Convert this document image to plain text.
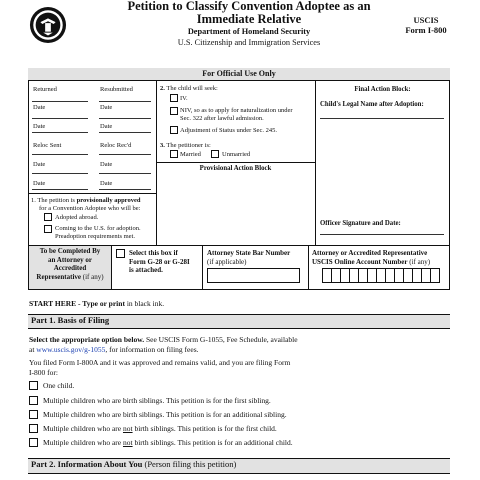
Petition to Classify Convention Adoptee as an
Immediate Relative
Department of Homeland Security
U.S. Citizenship and Immigration Services
USCIS
Form I-800
For Official Use Only
Provisional Action Block
Returned	Resubmitted
Date	Date
Date	Date
Reloc Sent	Reloc Rec'd
Date	Date
Date	Date
1. The petition is provisionally approved
for a Convention Adoptee who will be:
Adopted abroad.
Coming to the U.S. for adoption.
Preadoption requirements met.
2. The child will seek:
IV.
NIV, so as to apply for naturalization under
Sec. 322 after lawful admission.
Adjustment of Status under Sec. 245.
3. The petitioner is:
Married	Unmarried
Final Action Block:
Child's Legal Name after Adoption:
Officer Signature and Date:
To be Completed By
an Attorney or
Accredited
Representative (if any)
Select this box if
Form G-28 or G-28I
is attached.
Attorney State Bar Number
(if applicable)
Attorney or Accredited Representative
USCIS Online Account Number (if any)
START HERE - Type or print in black ink.
Part 1. Basis of Filing
Select the appropriate option below. See USCIS Form G-1055, Fee Schedule, available
at www.uscis.gov/g-1055, for information on filing fees.
You filed Form I-800A and it was approved and remains valid, and you are filing Form
I-800 for:
One child.
Multiple children who are birth siblings. This petition is for the first sibling.
Multiple children who are birth siblings. This petition is for an additional sibling.
Multiple children who are not birth siblings. This petition is for the first child.
Multiple children who are not birth siblings. This petition is for an additional child.
Part 2. Information About You (Person filing this petition)
